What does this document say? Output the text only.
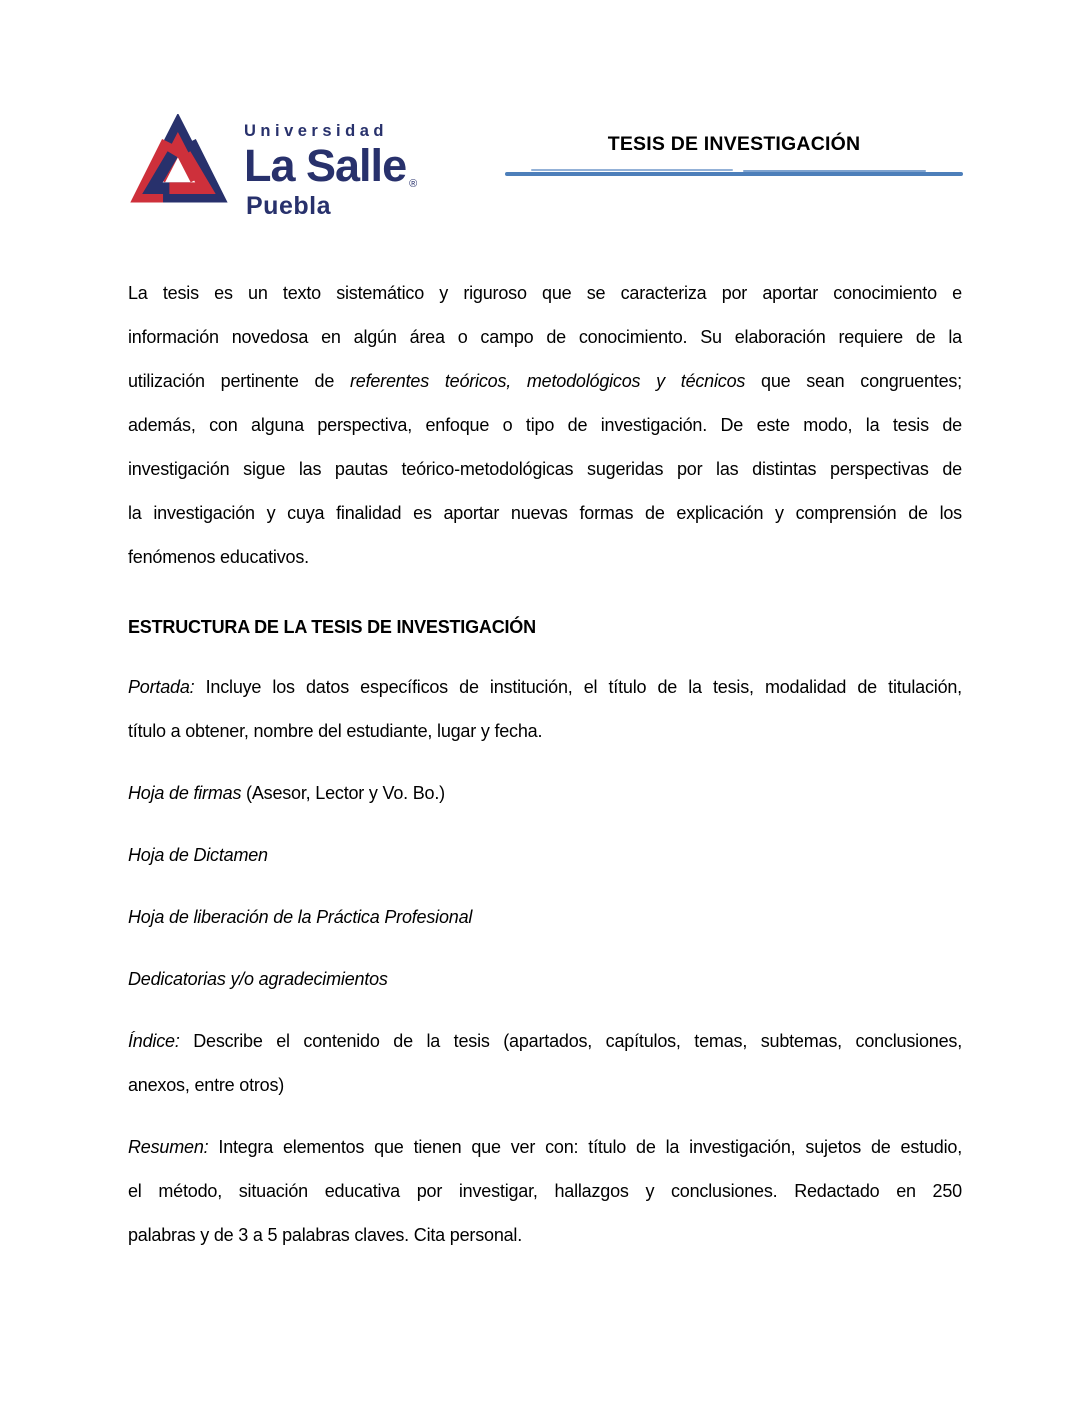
Universidad
La Salle ®
Puebla
TESIS DE INVESTIGACIÓN
La tesis es un texto sistemático y riguroso que se caracteriza por aportar conocimiento e
información novedosa en algún área o campo de conocimiento. Su elaboración requiere de la
utilización pertinente de referentes teóricos, metodológicos y técnicos que sean congruentes;
además, con alguna perspectiva, enfoque o tipo de investigación. De este modo, la tesis de
investigación sigue las pautas teórico-metodológicas sugeridas por las distintas perspectivas de
la investigación y cuya finalidad es aportar nuevas formas de explicación y comprensión de los
fenómenos educativos.
ESTRUCTURA DE LA TESIS DE INVESTIGACIÓN
Portada: Incluye los datos específicos de institución, el título de la tesis, modalidad de titulación,
título a obtener, nombre del estudiante, lugar y fecha.
Hoja de firmas (Asesor, Lector y Vo. Bo.)
Hoja de Dictamen
Hoja de liberación de la Práctica Profesional
Dedicatorias y/o agradecimientos
Índice: Describe el contenido de la tesis (apartados, capítulos, temas, subtemas, conclusiones,
anexos, entre otros)
Resumen: Integra elementos que tienen que ver con: título de la investigación, sujetos de estudio,
el método, situación educativa por investigar, hallazgos y conclusiones. Redactado en 250
palabras y de 3 a 5 palabras claves. Cita personal.
